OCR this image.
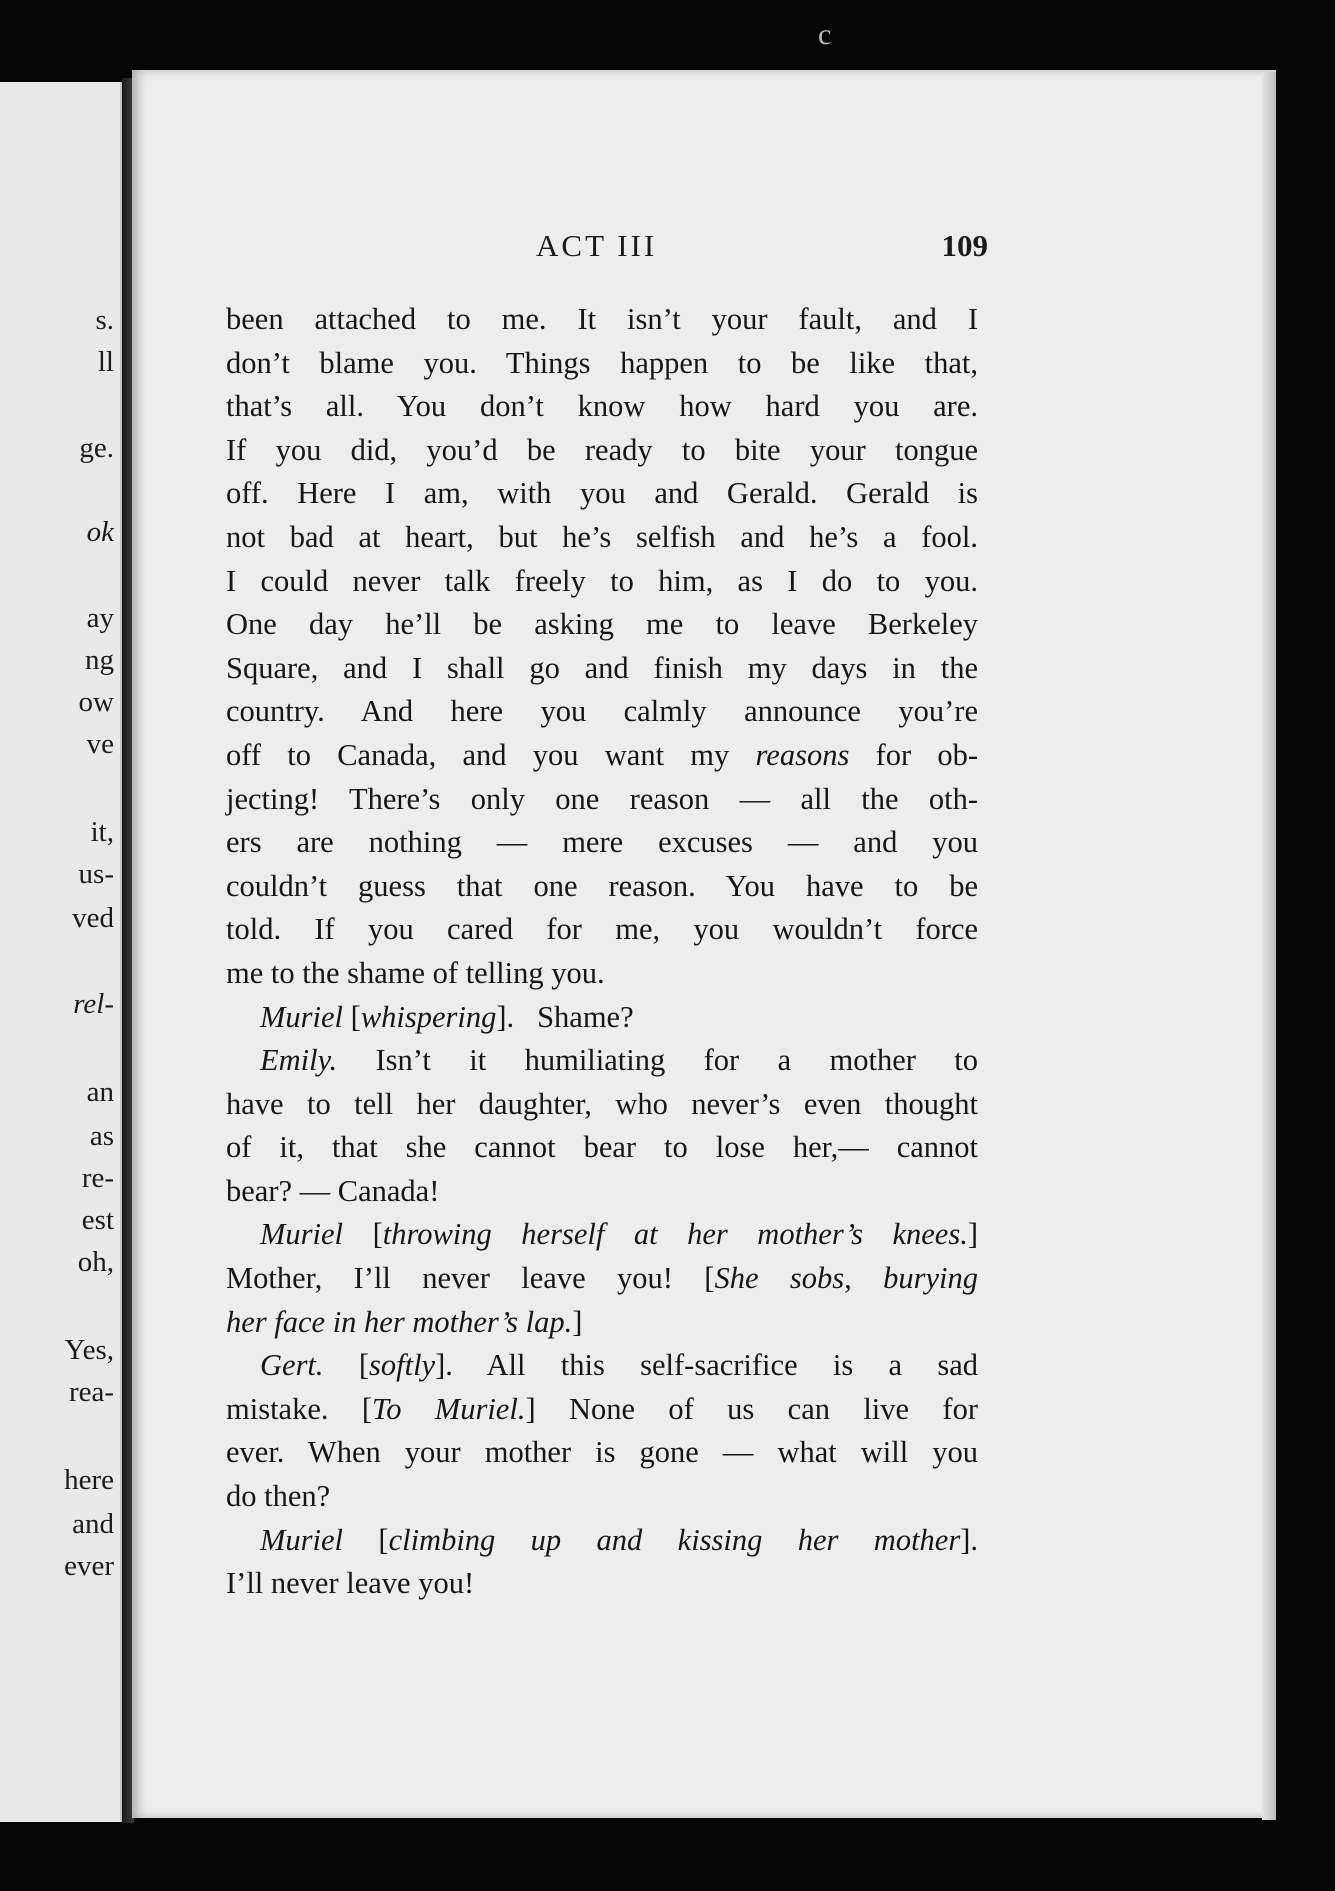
s.
ll
ge.
ok
ay
ng
ow
ve
it,
us-
ved
rel-
an
as
re-
est
oh,
Yes,
rea-
here
and
ever
c
ACT III	109
been attached to me. It isn’t your fault, and I
don’t blame you. Things happen to be like that,
that’s all. You don’t know how hard you are.
If you did, you’d be ready to bite your tongue
off. Here I am, with you and Gerald. Gerald is
not bad at heart, but he’s selfish and he’s a fool.
I could never talk freely to him, as I do to you.
One day he’ll be asking me to leave Berkeley
Square, and I shall go and finish my days in the
country. And here you calmly announce you’re
off to Canada, and you want my reasons for ob-
jecting! There’s only one reason — all the oth-
ers are nothing — mere excuses — and you
couldn’t guess that one reason. You have to be
told. If you cared for me, you wouldn’t force
me to the shame of telling you.
Muriel [whispering]. Shame?
Emily. Isn’t it humiliating for a mother to
have to tell her daughter, who never’s even thought
of it, that she cannot bear to lose her,— cannot
bear? — Canada!
Muriel [throwing herself at her mother’s knees.]
Mother, I’ll never leave you! [She sobs, burying
her face in her mother’s lap.]
Gert. [softly]. All this self-sacrifice is a sad
mistake. [To Muriel.] None of us can live for
ever. When your mother is gone — what will you
do then?
Muriel [climbing up and kissing her mother].
I’ll never leave you!
